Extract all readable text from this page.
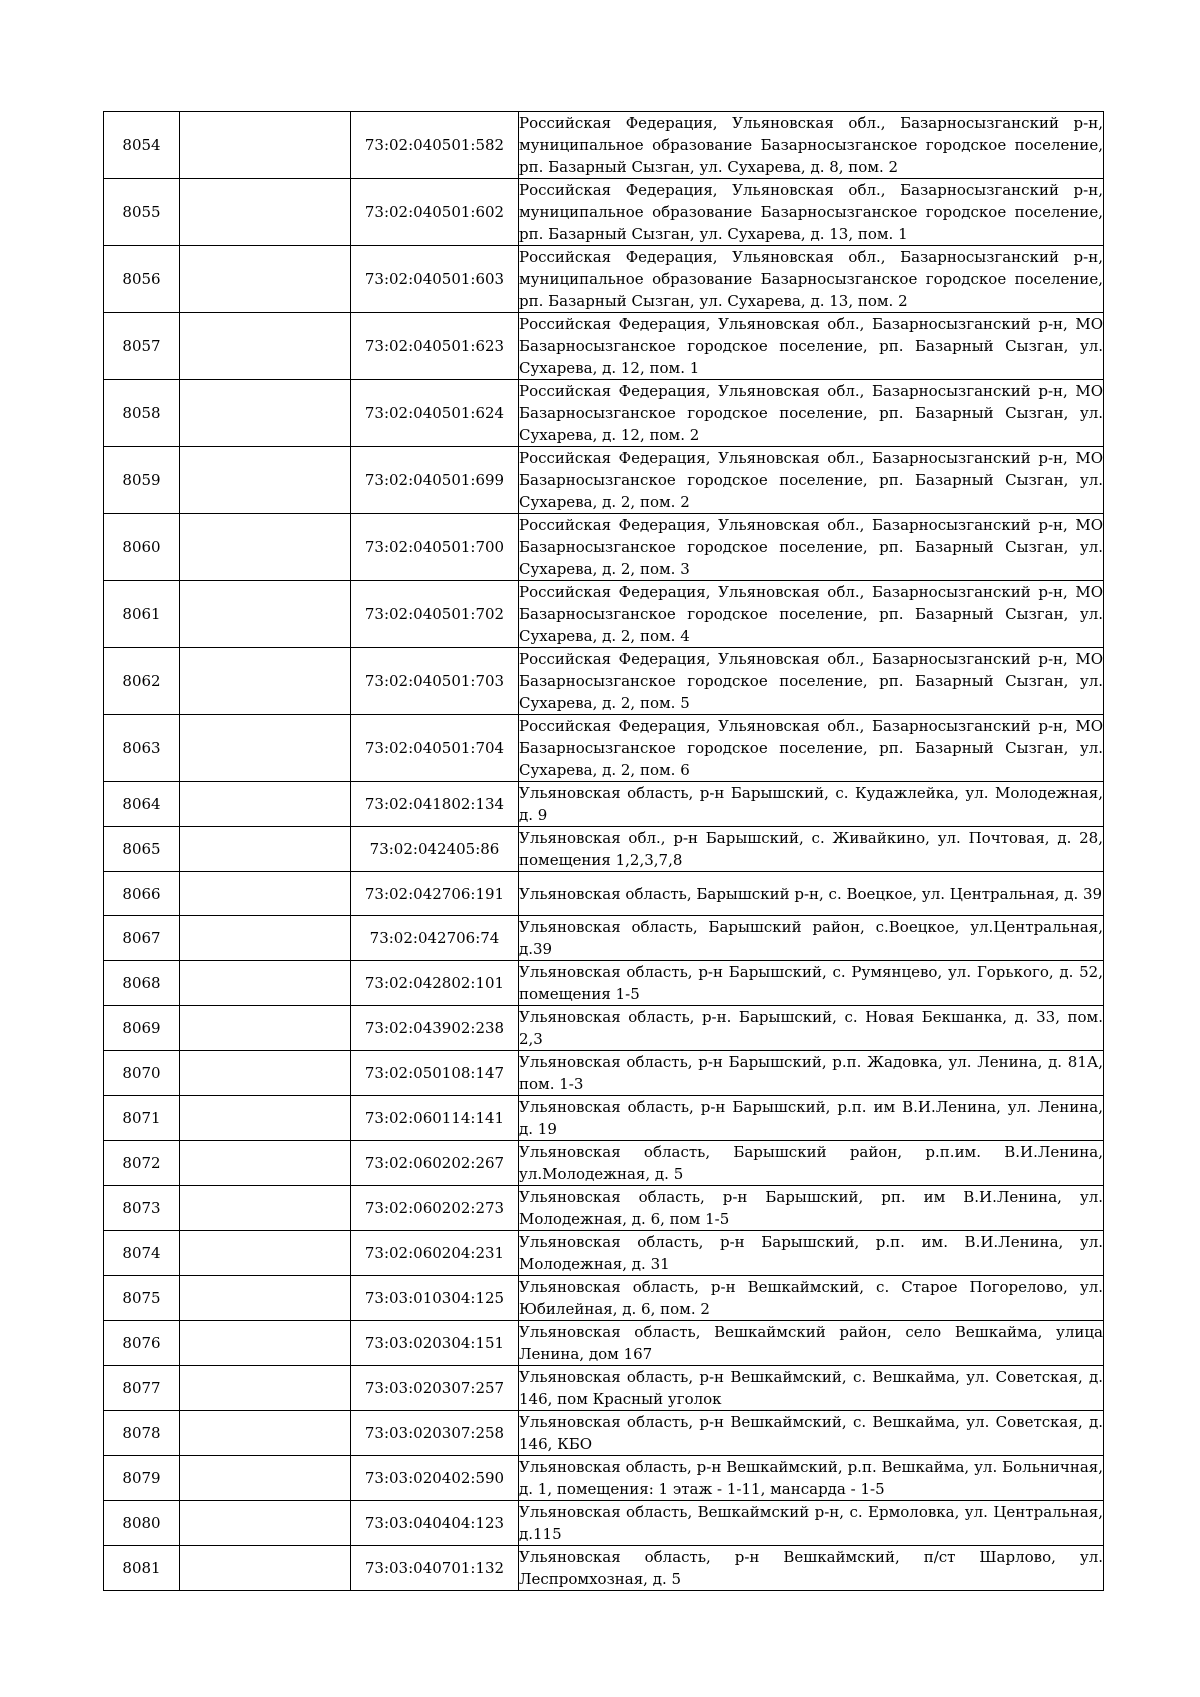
8054		73:02:040501:582	Российская Федерация, Ульяновская обл., Базарносызганский р-н, муниципальное образование Базарносызганское городское поселение, рп. Базарный Сызган, ул. Сухарева, д. 8, пом. 2
8055		73:02:040501:602	Российская Федерация, Ульяновская обл., Базарносызганский р-н, муниципальное образование Базарносызганское городское поселение, рп. Базарный Сызган, ул. Сухарева, д. 13, пом. 1
8056		73:02:040501:603	Российская Федерация, Ульяновская обл., Базарносызганский р-н, муниципальное образование Базарносызганское городское поселение, рп. Базарный Сызган, ул. Сухарева, д. 13, пом. 2
8057		73:02:040501:623	Российская Федерация, Ульяновская обл., Базарносызганский р-н, МО Базарносызганское городское поселение, рп. Базарный Сызган, ул. Сухарева, д. 12, пом. 1
8058		73:02:040501:624	Российская Федерация, Ульяновская обл., Базарносызганский р-н, МО Базарносызганское городское поселение, рп. Базарный Сызган, ул. Сухарева, д. 12, пом. 2
8059		73:02:040501:699	Российская Федерация, Ульяновская обл., Базарносызганский р-н, МО Базарносызганское городское поселение, рп. Базарный Сызган, ул. Сухарева, д. 2, пом. 2
8060		73:02:040501:700	Российская Федерация, Ульяновская обл., Базарносызганский р-н, МО Базарносызганское городское поселение, рп. Базарный Сызган, ул. Сухарева, д. 2, пом. 3
8061		73:02:040501:702	Российская Федерация, Ульяновская обл., Базарносызганский р-н, МО Базарносызганское городское поселение, рп. Базарный Сызган, ул. Сухарева, д. 2, пом. 4
8062		73:02:040501:703	Российская Федерация, Ульяновская обл., Базарносызганский р-н, МО Базарносызганское городское поселение, рп. Базарный Сызган, ул. Сухарева, д. 2, пом. 5
8063		73:02:040501:704	Российская Федерация, Ульяновская обл., Базарносызганский р-н, МО Базарносызганское городское поселение, рп. Базарный Сызган, ул. Сухарева, д. 2, пом. 6
8064		73:02:041802:134	Ульяновская область, р-н Барышский, с. Кудажлейка, ул. Молодежная, д. 9
8065		73:02:042405:86	Ульяновская обл., р-н Барышский, с. Живайкино, ул. Почтовая, д. 28, помещения 1,2,3,7,8
8066		73:02:042706:191	Ульяновская область, Барышский р-н, с. Воецкое, ул. Центральная, д. 39
8067		73:02:042706:74	Ульяновская область, Барышский район, с.Воецкое, ул.Центральная, д.39
8068		73:02:042802:101	Ульяновская область, р-н Барышский, с. Румянцево, ул. Горького, д. 52, помещения 1-5
8069		73:02:043902:238	Ульяновская область, р-н. Барышский, с. Новая Бекшанка, д. 33, пом. 2,3
8070		73:02:050108:147	Ульяновская область, р-н Барышский, р.п. Жадовка, ул. Ленина, д. 81А, пом. 1-3
8071		73:02:060114:141	Ульяновская область, р-н Барышский, р.п. им В.И.Ленина, ул. Ленина, д. 19
8072		73:02:060202:267	Ульяновская область, Барышский район, р.п.им. В.И.Ленина, ул.Молодежная, д. 5
8073		73:02:060202:273	Ульяновская область, р-н Барышский, рп. им В.И.Ленина, ул. Молодежная, д. 6, пом 1-5
8074		73:02:060204:231	Ульяновская область, р-н Барышский, р.п. им. В.И.Ленина, ул. Молодежная, д. 31
8075		73:03:010304:125	Ульяновская область, р-н Вешкаймский, с. Старое Погорелово, ул. Юбилейная, д. 6, пом. 2
8076		73:03:020304:151	Ульяновская область, Вешкаймский район, село Вешкайма, улица Ленина, дом 167
8077		73:03:020307:257	Ульяновская область, р-н Вешкаймский, с. Вешкайма, ул. Советская, д. 146, пом Красный уголок
8078		73:03:020307:258	Ульяновская область, р-н Вешкаймский, с. Вешкайма, ул. Советская, д. 146, КБО
8079		73:03:020402:590	Ульяновская область, р-н Вешкаймский, р.п. Вешкайма, ул. Больничная, д. 1, помещения: 1 этаж - 1-11, мансарда - 1-5
8080		73:03:040404:123	Ульяновская область, Вешкаймский р-н, с. Ермоловка, ул. Центральная, д.115
8081		73:03:040701:132	Ульяновская область, р-н Вешкаймский, п/ст Шарлово, ул. Леспромхозная, д. 5
